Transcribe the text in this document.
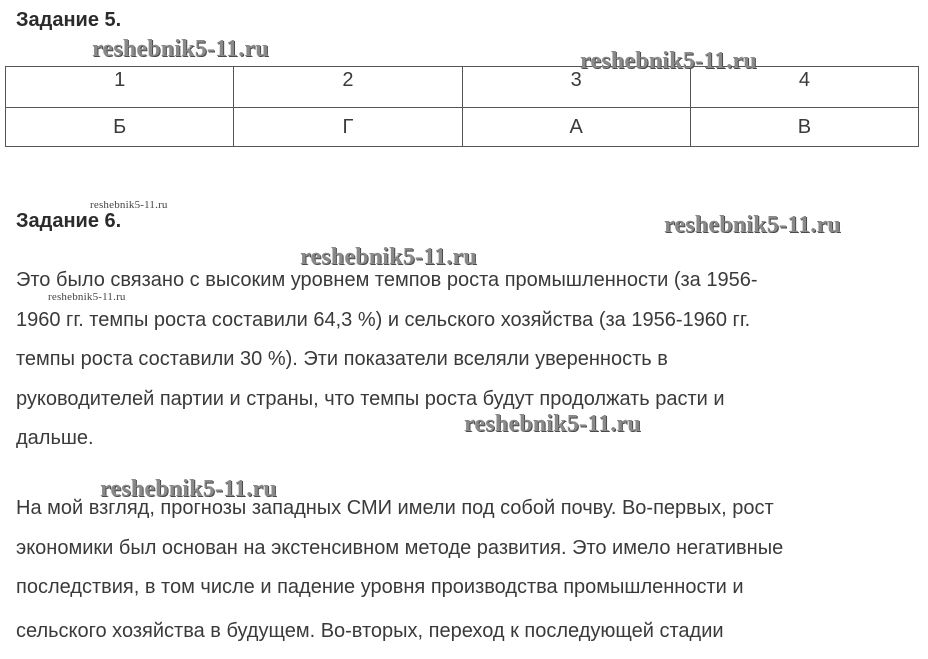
Задание 5.
1	2	3	4
Б	Г	А	В
Задание 6.
Это было связано с высоким уровнем темпов роста промышленности (за 1956-
1960 гг. темпы роста составили 64,3 %) и сельского хозяйства (за 1956-1960 гг.
темпы роста составили 30 %). Эти показатели вселяли уверенность в
руководителей партии и страны, что темпы роста будут продолжать расти и
дальше.
На мой взгляд, прогнозы западных СМИ имели под собой почву. Во-первых, рост
экономики был основан на экстенсивном методе развития. Это имело негативные
последствия, в том числе и падение уровня производства промышленности и
сельского хозяйства в будущем. Во-вторых, переход к последующей стадии
reshebnik5-11.ru	reshebnik5-11.ru
reshebnik5-11.ru
reshebnik5-11.ru
reshebnik5-11.ru
reshebnik5-11.ru
reshebnik5-11.ru
reshebnik5-11.ru
